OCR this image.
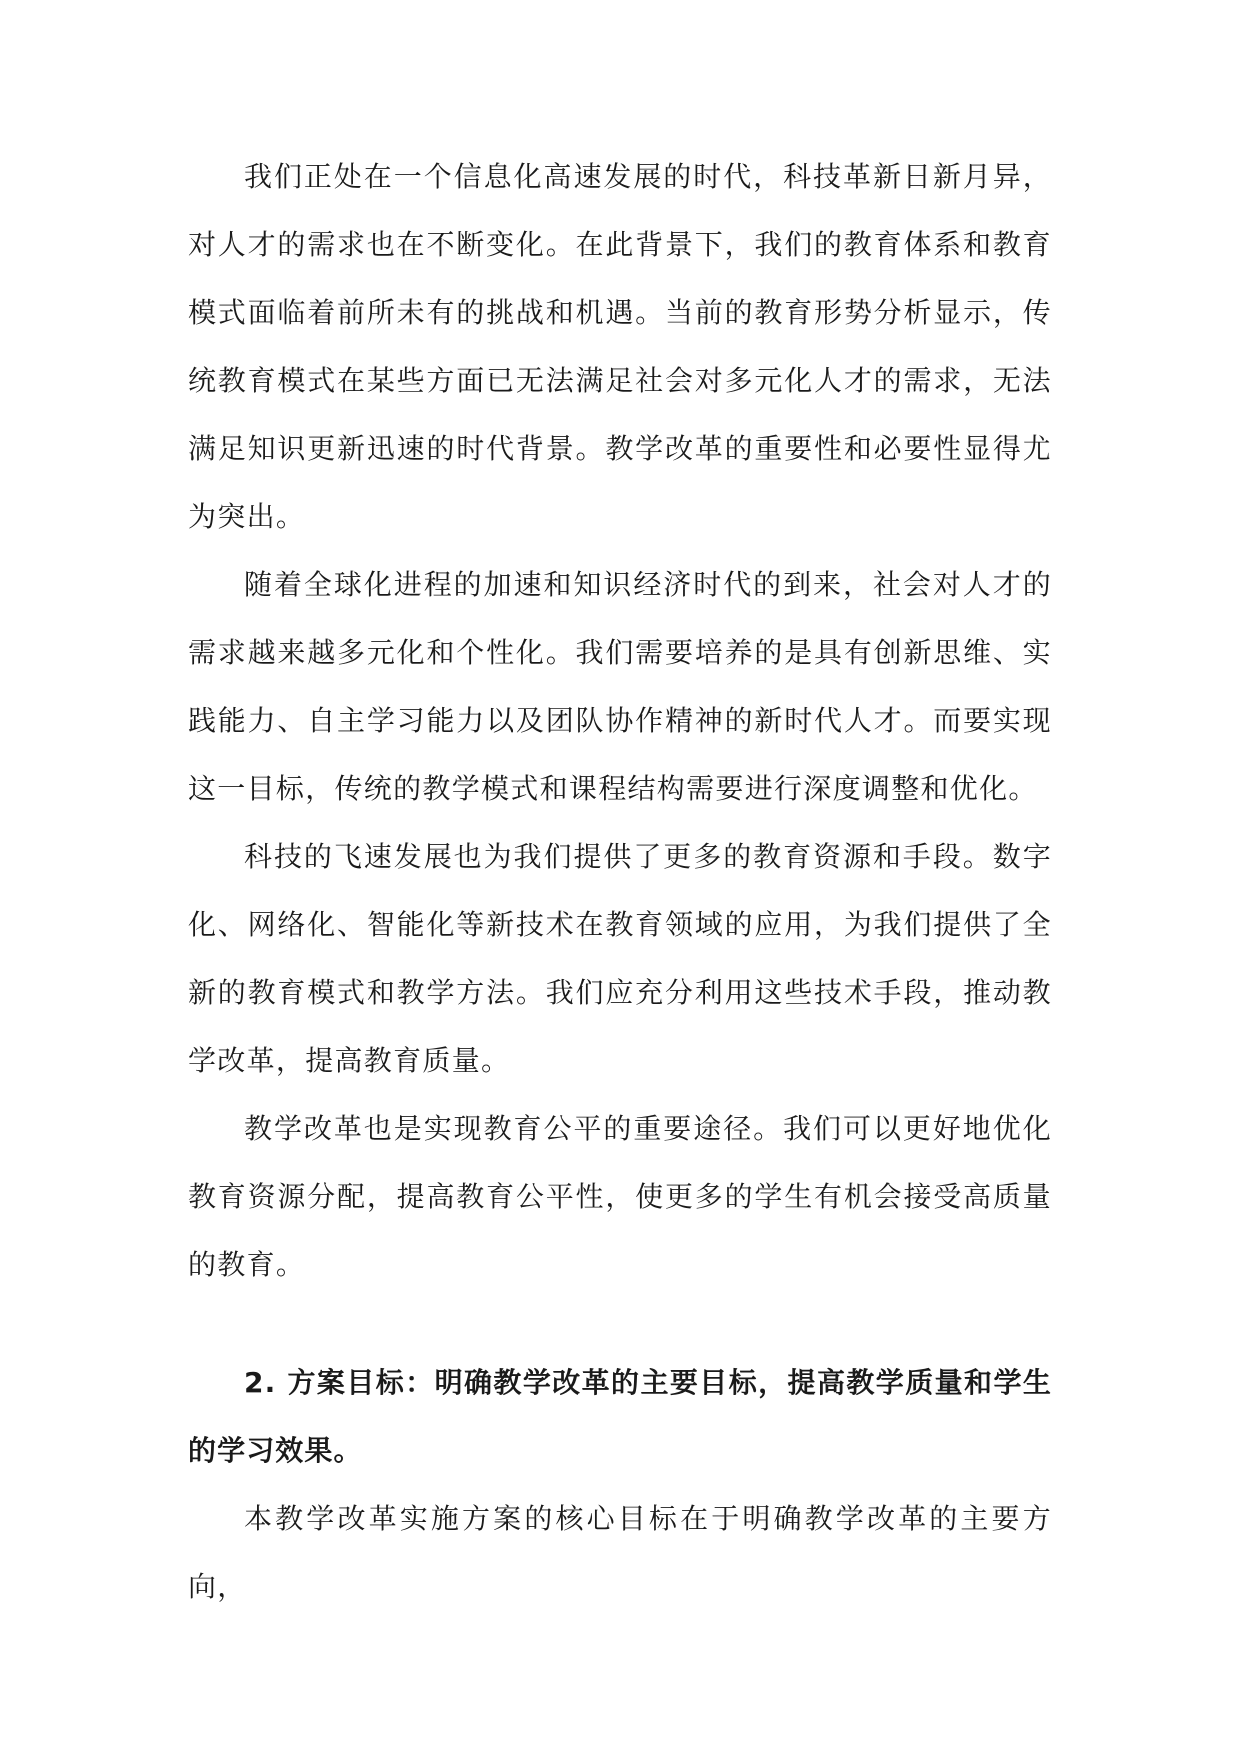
我们正处在一个信息化高速发展的时代，科技革新日新月异，对人才的需求也在不断变化。在此背景下，我们的教育体系和教育模式面临着前所未有的挑战和机遇。当前的教育形势分析显示，传统教育模式在某些方面已无法满足社会对多元化人才的需求，无法满足知识更新迅速的时代背景。教学改革的重要性和必要性显得尤为突出。

随着全球化进程的加速和知识经济时代的到来，社会对人才的需求越来越多元化和个性化。我们需要培养的是具有创新思维、实践能力、自主学习能力以及团队协作精神的新时代人才。而要实现这一目标，传统的教学模式和课程结构需要进行深度调整和优化。

科技的飞速发展也为我们提供了更多的教育资源和手段。数字化、网络化、智能化等新技术在教育领域的应用，为我们提供了全新的教育模式和教学方法。我们应充分利用这些技术手段，推动教学改革，提高教育质量。

教学改革也是实现教育公平的重要途径。我们可以更好地优化教育资源分配，提高教育公平性，使更多的学生有机会接受高质量的教育。

2. 方案目标：明确教学改革的主要目标，提高教学质量和学生的学习效果。

本教学改革实施方案的核心目标在于明确教学改革的主要方向，
